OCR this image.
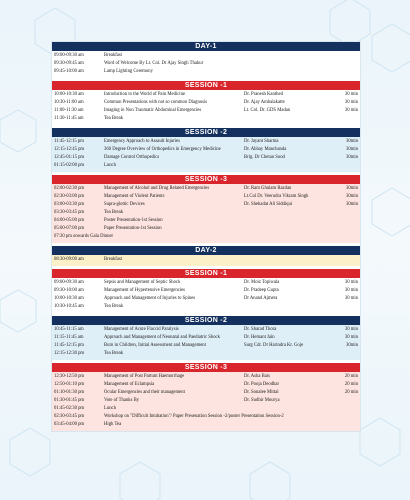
DAY-1
09:00-09:30 am	Breakfast
09:30-09:45 am	Word of Welcome By Lt. Col. Dr Ajay Singh Thakur
09:45-10:00 am	Lamp Lighting Ceremony
SESSION -1
10:00-10:30 am	Introduction to the World of Pain Medicine	Dr. Pranesh Kanthed	30 min
10:30-11:00 am	Common Presentations with not so common Diagnosis	Dr. Ajay Ambalakatte	30 min
11:00-11:30 am	Imaging in Non Traumatic Abdominal Emergencies	Lt. Col. Dr. GDS Madan	30 min
11:30-11:45 am	Tea Break
SESSION -2
11:45-12:15 pm	Emergency Approach to Assault Injuries	Dr. Jayant Sharma	30min
12:15-12:45 pm	360 Degree Overview of Orthopedics in Emergency Medicine	Dr. Abhay Manchanda	30min
12:45-01:15 pm	Damage Control Orthopedics	Brig. Dr Chetan Sood	30min
01:15-02:00 pm	Lunch
SESSION -3
02:00-02:30 pm	Management of Alcohol and Drug Related Emergencies	Dr. Ram Ghulam Razdan	30min
02:30-03:00 pm	Management of Violent Patients	Lt.Col Dr. Veerudra Vikram Singh	30min
03:00-03:30 pm	Supra-glottic Devices	Dr. Shehadat Ali Siddiqui	30min
03:30-03:45 pm	Tea Break
04:00-05:00 pm	Poster Presentation-1st Session
05:00-07:00 pm	Paper Presentation-1st Session
07:30 pm onwards Gala Dinner
DAY-2
08:30-09:00 am	Breakfast
SESSION -1
09:00-09:30 am	Sepsis and Management of Septic Shock	Dr. Moiz Topiwala	30 min
09:30-10:00 am	Management of Hypertensive Emergencies	Dr. Pradeep Gupta	30 min
10:00-10:30 am	Approach and Management of Injuries to Spines	Dr Anand Ajmera	30 min
10:30-10:45 am	Tea Break
SESSION -2
10:45-11:15 am	Management of Acute Flaccid Paralysis	Dr. Sharad Thora	30 min
11:15-11:45 am	Approach and Management of Neonatal and Paediatric Shock	Dr. Hemant Jain	30 min
11:45-12:15 pm	Burn in Children, Initial Assessment and Management	Surg Cdr. Dr Harindra Kr. Goje	30min
12:15-12:30 pm	Tea Break
SESSION -3
12:30-12:50 pm	Management of Post Partum Haemorrhage	Dr. Asha Bais	20 min
12:50-01:10 pm	Management of Eclampsia	Dr. Pooja Deodhar	20 min
01:10-01:30 pm	Ocular Emergencies and their management	Dr. Sonalee Mittal	20 min
01:30-01:45 pm	Vote of Thanks By	Dr. Sudhir Mourya
01:45-02:30 pm	Lunch
02:30-03:45 pm	Workshop on "Difficult Intubation"/ Paper Presenation Session -2/poster Presentation Session-2
03:45-04:00 pm	High Tea
